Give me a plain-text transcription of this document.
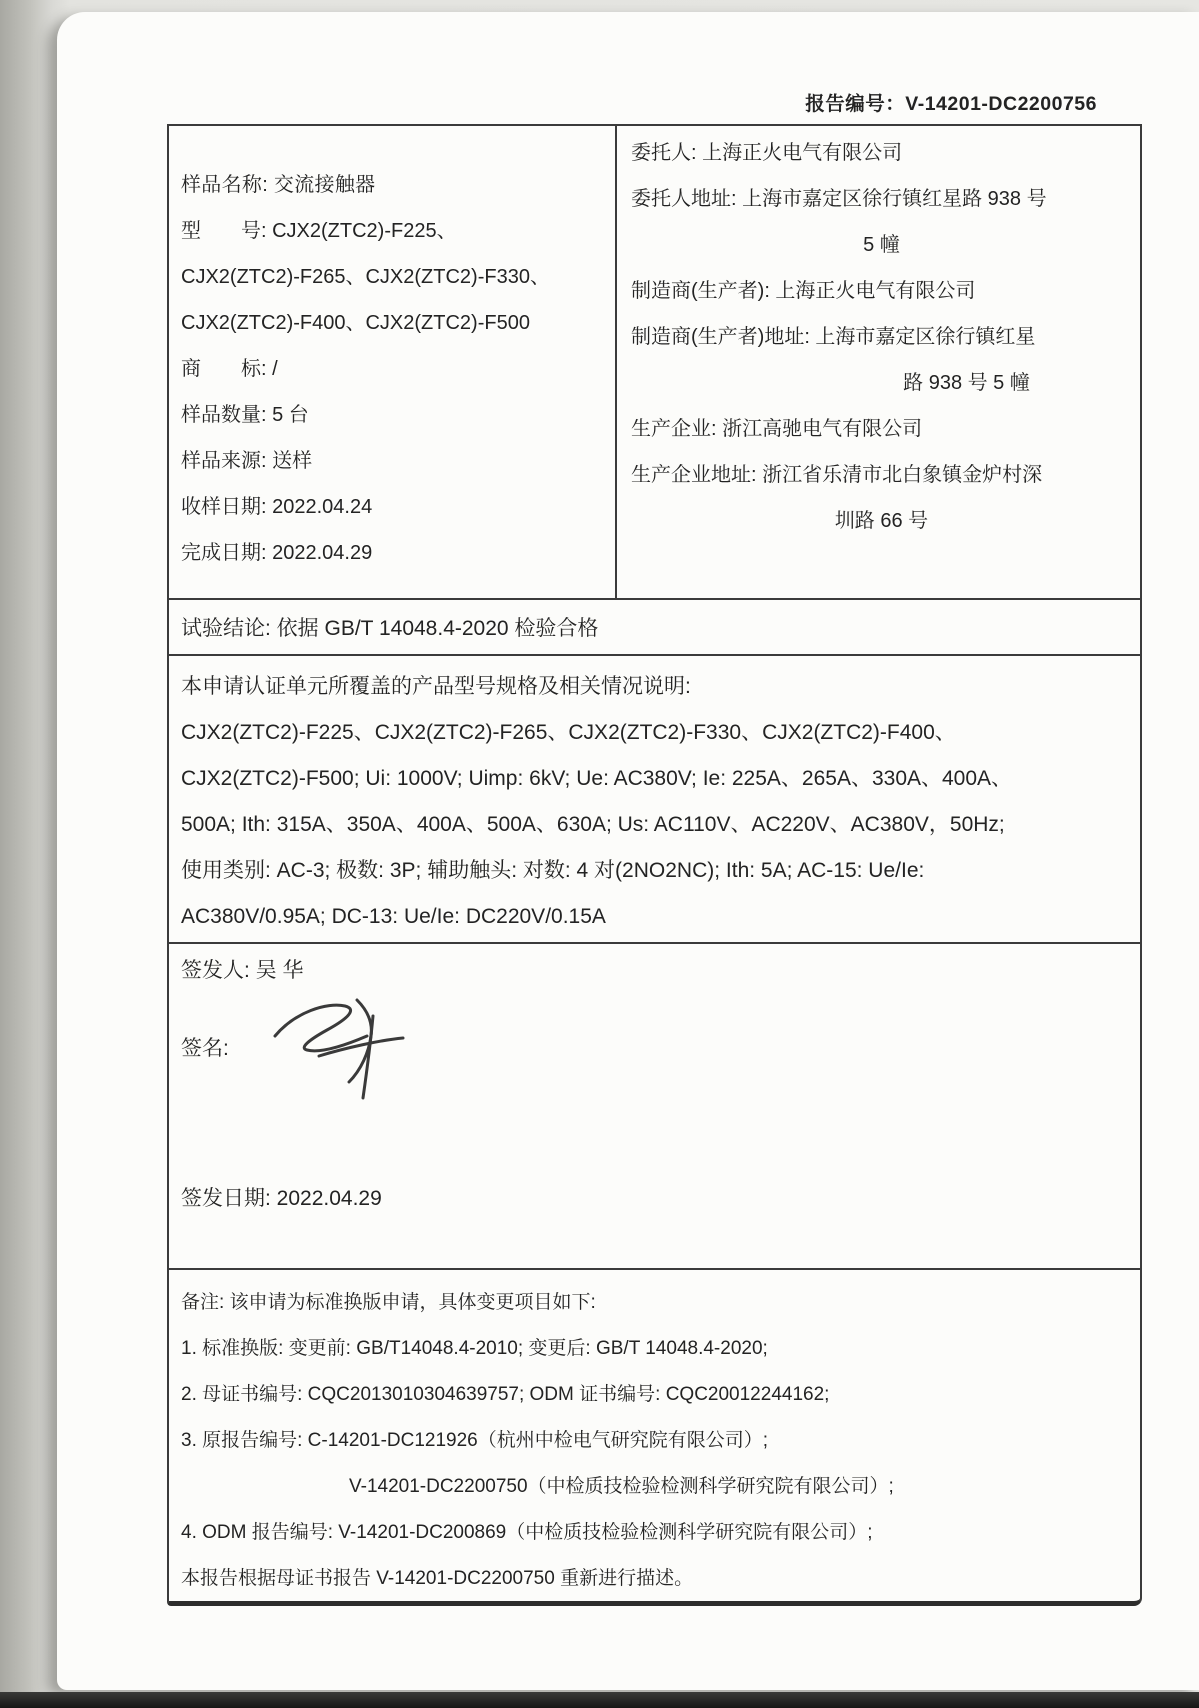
报告编号：V-14201-DC2200756
样品名称: 交流接触器
型　　号: CJX2(ZTC2)-F225、
CJX2(ZTC2)-F265、CJX2(ZTC2)-F330、
CJX2(ZTC2)-F400、CJX2(ZTC2)-F500
商　　标: /
样品数量: 5 台
样品来源: 送样
收样日期: 2022.04.24
完成日期: 2022.04.29
委托人: 上海正火电气有限公司
委托人地址: 上海市嘉定区徐行镇红星路 938 号
5 幢
制造商(生产者): 上海正火电气有限公司
制造商(生产者)地址: 上海市嘉定区徐行镇红星
路 938 号 5 幢
生产企业: 浙江高驰电气有限公司
生产企业地址: 浙江省乐清市北白象镇金炉村深
圳路 66 号
试验结论: 依据 GB/T 14048.4-2020 检验合格
本申请认证单元所覆盖的产品型号规格及相关情况说明:
CJX2(ZTC2)-F225、CJX2(ZTC2)-F265、CJX2(ZTC2)-F330、CJX2(ZTC2)-F400、
CJX2(ZTC2)-F500; Ui: 1000V; Uimp: 6kV; Ue: AC380V; Ie: 225A、265A、330A、400A、
500A; Ith: 315A、350A、400A、500A、630A; Us: AC110V、AC220V、AC380V，50Hz;
使用类别: AC-3; 极数: 3P; 辅助触头: 对数: 4 对(2NO2NC); Ith: 5A; AC-15: Ue/Ie:
AC380V/0.95A; DC-13: Ue/Ie: DC220V/0.15A
签发人: 吴 华
签名:
签发日期: 2022.04.29
备注: 该申请为标准换版申请，具体变更项目如下:
1. 标准换版: 变更前: GB/T14048.4-2010; 变更后: GB/T 14048.4-2020;
2. 母证书编号: CQC2013010304639757; ODM 证书编号: CQC20012244162;
3. 原报告编号: C-14201-DC121926（杭州中检电气研究院有限公司）;
V-14201-DC2200750（中检质技检验检测科学研究院有限公司）;
4. ODM 报告编号: V-14201-DC200869（中检质技检验检测科学研究院有限公司）;
本报告根据母证书报告 V-14201-DC2200750 重新进行描述。
